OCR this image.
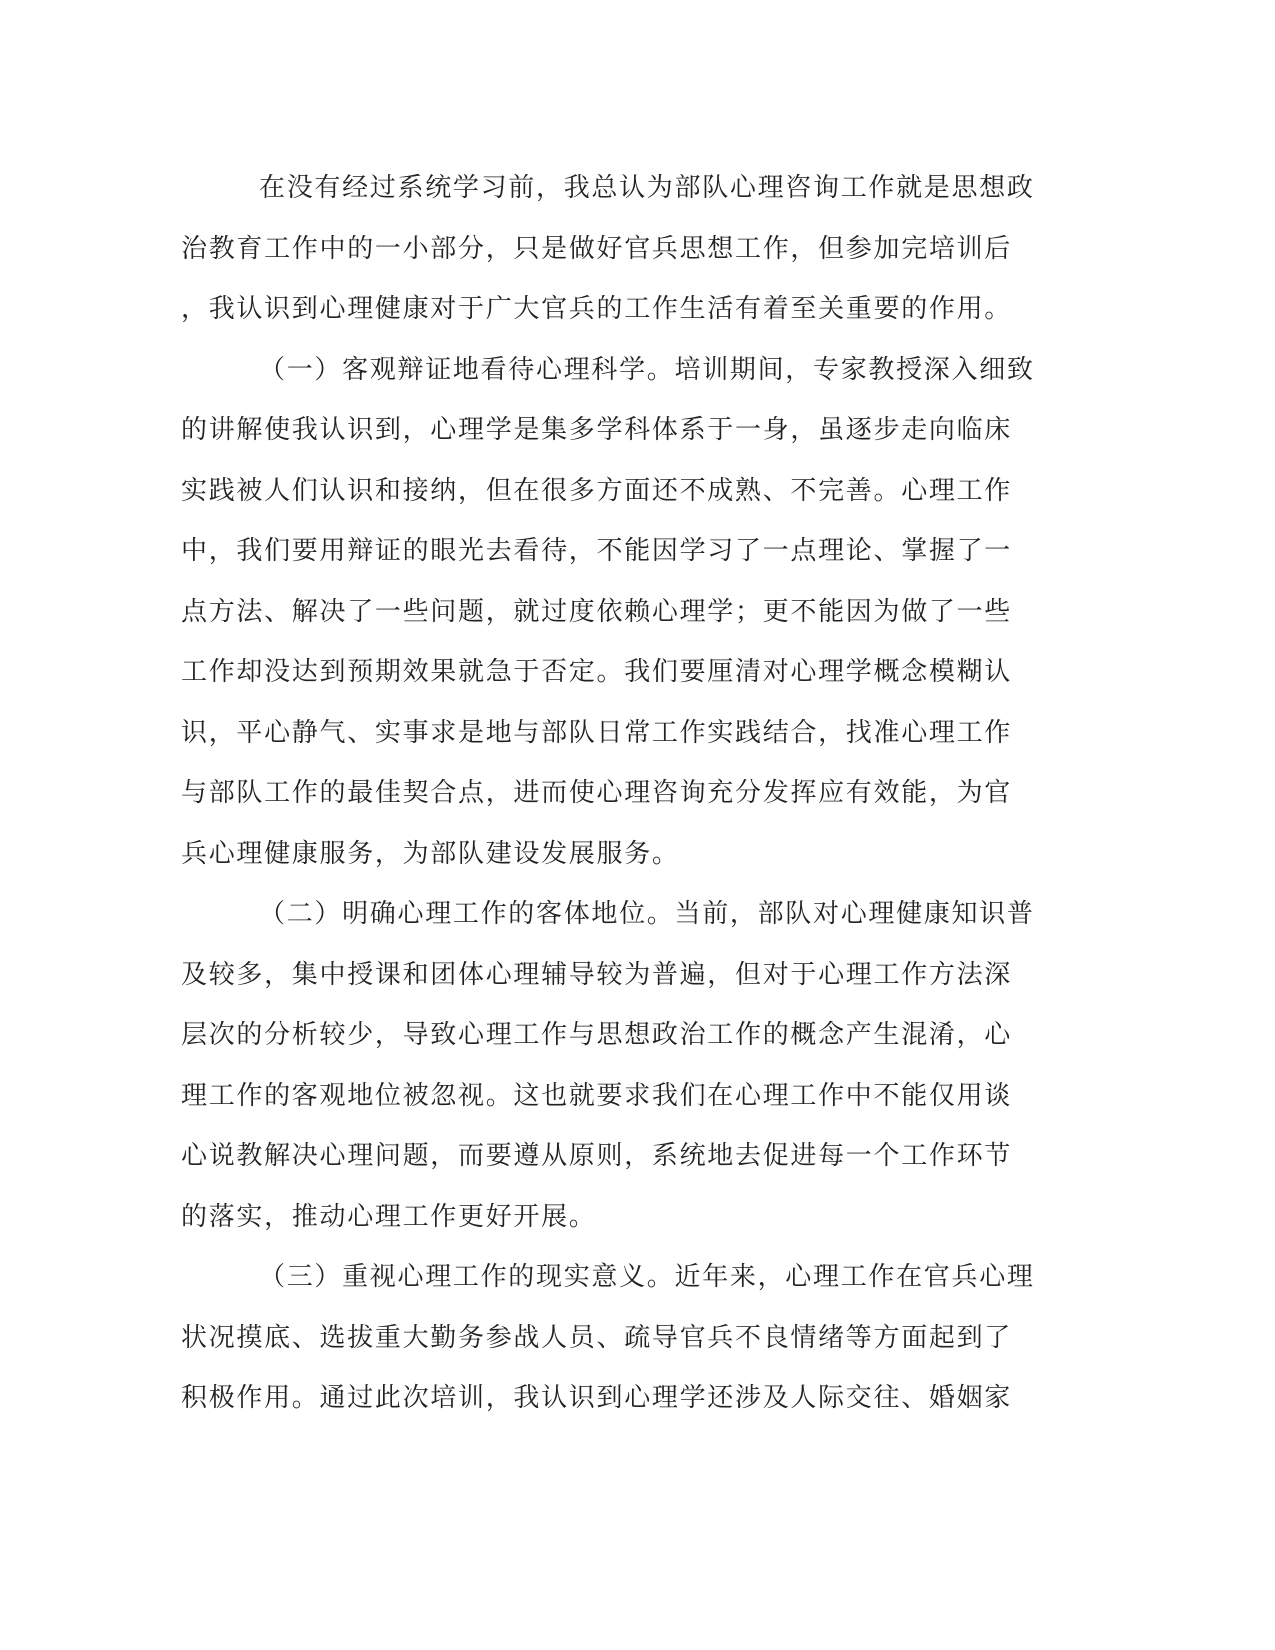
在没有经过系统学习前，我总认为部队心理咨询工作就是思想政
治教育工作中的一小部分，只是做好官兵思想工作，但参加完培训后
，我认识到心理健康对于广大官兵的工作生活有着至关重要的作用。
（一）客观辩证地看待心理科学。培训期间，专家教授深入细致
的讲解使我认识到，心理学是集多学科体系于一身，虽逐步走向临床
实践被人们认识和接纳，但在很多方面还不成熟、不完善。心理工作
中，我们要用辩证的眼光去看待，不能因学习了一点理论、掌握了一
点方法、解决了一些问题，就过度依赖心理学；更不能因为做了一些
工作却没达到预期效果就急于否定。我们要厘清对心理学概念模糊认
识，平心静气、实事求是地与部队日常工作实践结合，找准心理工作
与部队工作的最佳契合点，进而使心理咨询充分发挥应有效能，为官
兵心理健康服务，为部队建设发展服务。
（二）明确心理工作的客体地位。当前，部队对心理健康知识普
及较多，集中授课和团体心理辅导较为普遍，但对于心理工作方法深
层次的分析较少，导致心理工作与思想政治工作的概念产生混淆，心
理工作的客观地位被忽视。这也就要求我们在心理工作中不能仅用谈
心说教解决心理问题，而要遵从原则，系统地去促进每一个工作环节
的落实，推动心理工作更好开展。
（三）重视心理工作的现实意义。近年来，心理工作在官兵心理
状况摸底、选拔重大勤务参战人员、疏导官兵不良情绪等方面起到了
积极作用。通过此次培训，我认识到心理学还涉及人际交往、婚姻家
